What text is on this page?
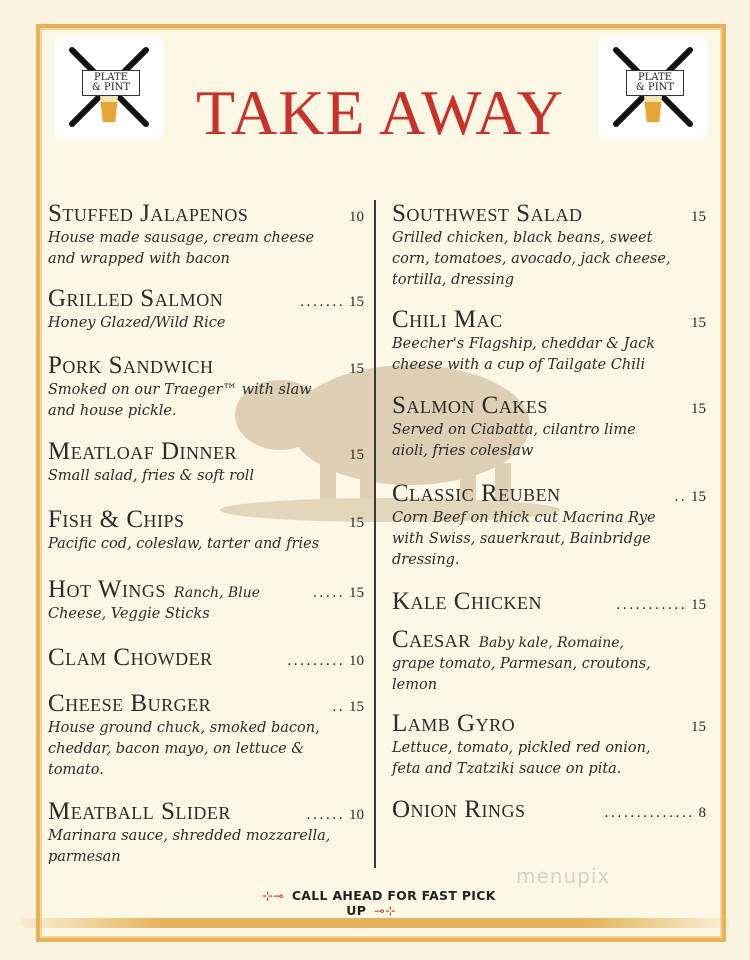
PLATE
& PINT
PLATE
& PINT
TAKE AWAY
Stuffed Jalapenos	10
House made sausage, cream cheese
and wrapped with bacon
Grilled Salmon	....... 15
Honey Glazed/Wild Rice
Pork Sandwich	15
Smoked on our Traeger™ with slaw
and house pickle.
Meatloaf Dinner	15
Small salad, fries & soft roll
Fish & Chips	15
Pacific cod, coleslaw, tarter and fries
Hot Wings Ranch, Blue	..... 15
Cheese, Veggie Sticks
Clam Chowder	......... 10
Cheese Burger	.. 15
House ground chuck, smoked bacon,
cheddar, bacon mayo, on lettuce &
tomato.
Meatball Slider	...... 10
Marinara sauce, shredded mozzarella,
parmesan
Southwest Salad	15
Grilled chicken, black beans, sweet
corn, tomatoes, avocado, jack cheese,
tortilla, dressing
Chili Mac	15
Beecher's Flagship, cheddar & Jack
cheese with a cup of Tailgate Chili
Salmon Cakes	15
Served on Ciabatta, cilantro lime
aioli, fries coleslaw
Classic Reuben	.. 15
Corn Beef on thick cut Macrina Rye
with Swiss, sauerkraut, Bainbridge
dressing.
Kale Chicken	........... 15
Caesar Baby kale, Romaine,
grape tomato, Parmesan, croutons,
lemon
Lamb Gyro	15
Lettuce, tomato, pickled red onion,
feta and Tzatziki sauce on pita.
Onion Rings	.............. 8
⊹⊸ CALL AHEAD FOR FAST PICK UP ⊸⊹
menupix
